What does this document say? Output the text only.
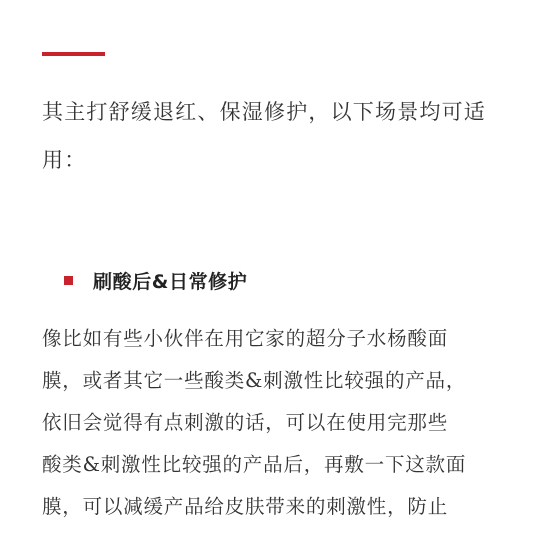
其主打舒缓退红、保湿修护，以下场景均可适用：

刷酸后&日常修护

像比如有些小伙伴在用它家的超分子水杨酸面
膜，或者其它一些酸类&刺激性比较强的产品，
依旧会觉得有点刺激的话，可以在使用完那些
酸类&刺激性比较强的产品后，再敷一下这款面
膜，可以减缓产品给皮肤带来的刺激性，防止
